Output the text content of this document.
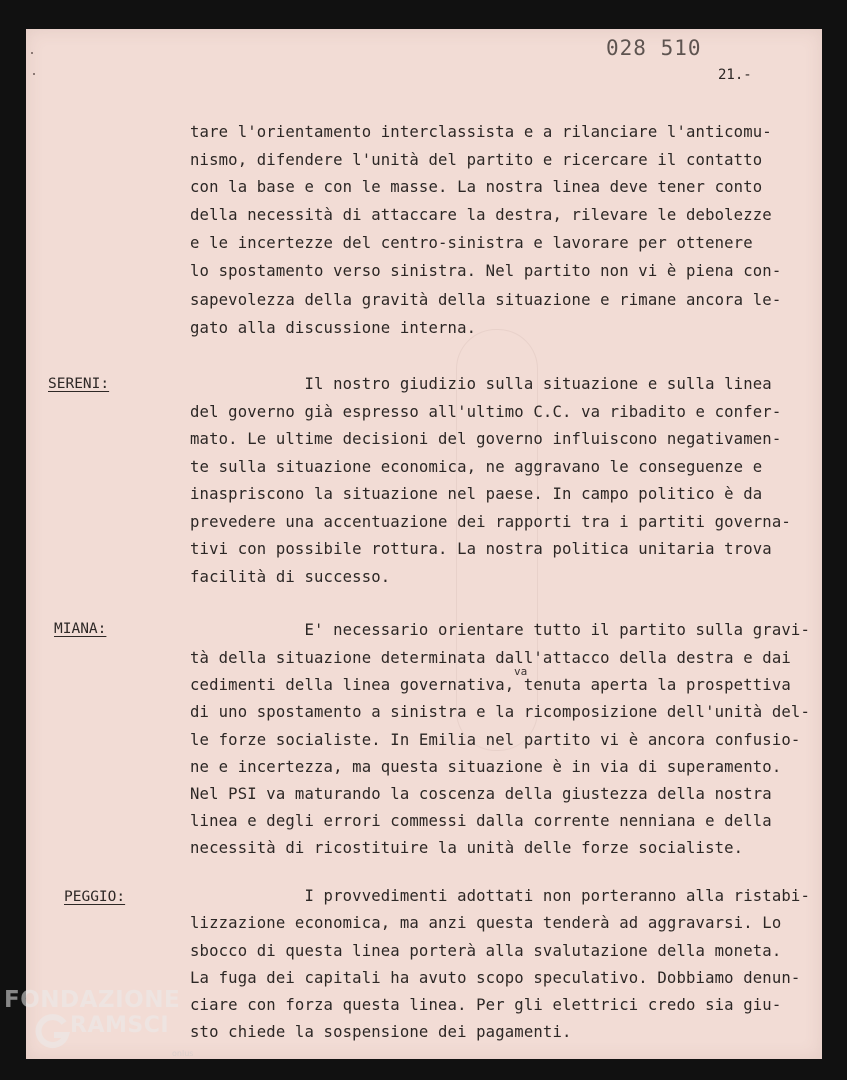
028 510
21.-
tare l'orientamento interclassista e a rilanciare l'anticomu-
nismo, difendere l'unità del partito e ricercare il contatto
con la base e con le masse. La nostra linea deve tener conto
della necessità di attaccare la destra, rilevare le debolezze
e le incertezze del centro-sinistra e lavorare per ottenere
lo spostamento verso sinistra. Nel partito non vi è piena con-
sapevolezza della gravità della situazione e rimane ancora le-
gato alla discussione interna.
SERENI:	Il nostro giudizio sulla situazione e sulla linea
del governo già espresso all'ultimo C.C. va ribadito e confer-
mato. Le ultime decisioni del governo influiscono negativamen-
te sulla situazione economica, ne aggravano le conseguenze e
inaspriscono la situazione nel paese. In campo politico è da
prevedere una accentuazione dei rapporti tra i partiti governa-
tivi con possibile rottura. La nostra politica unitaria trova
facilità di successo.
MIANA:
va
E' necessario orientare tutto il partito sulla gravi-
tà della situazione determinata dall'attacco della destra e dai
cedimenti della linea governativa, tenuta aperta la prospettiva
di uno spostamento a sinistra e la ricomposizione dell'unità del-
le forze socialiste. In Emilia nel partito vi è ancora confusio-
ne e incertezza, ma questa situazione è in via di superamento.
Nel PSI va maturando la coscenza della giustezza della nostra
linea e degli errori commessi dalla corrente nenniana e della
necessità di ricostituire la unità delle forze socialiste.
PEGGIO:	I provvedimenti adottati non porteranno alla ristabi-
lizzazione economica, ma anzi questa tenderà ad aggravarsi. Lo
sbocco di questa linea porterà alla svalutazione della moneta.
La fuga dei capitali ha avuto scopo speculativo. Dobbiamo denun-
ciare con forza questa linea. Per gli elettrici credo sia giu-
sto chiede la sospensione dei pagamenti.
FONDAZIONE
RAMSCI
onlus
